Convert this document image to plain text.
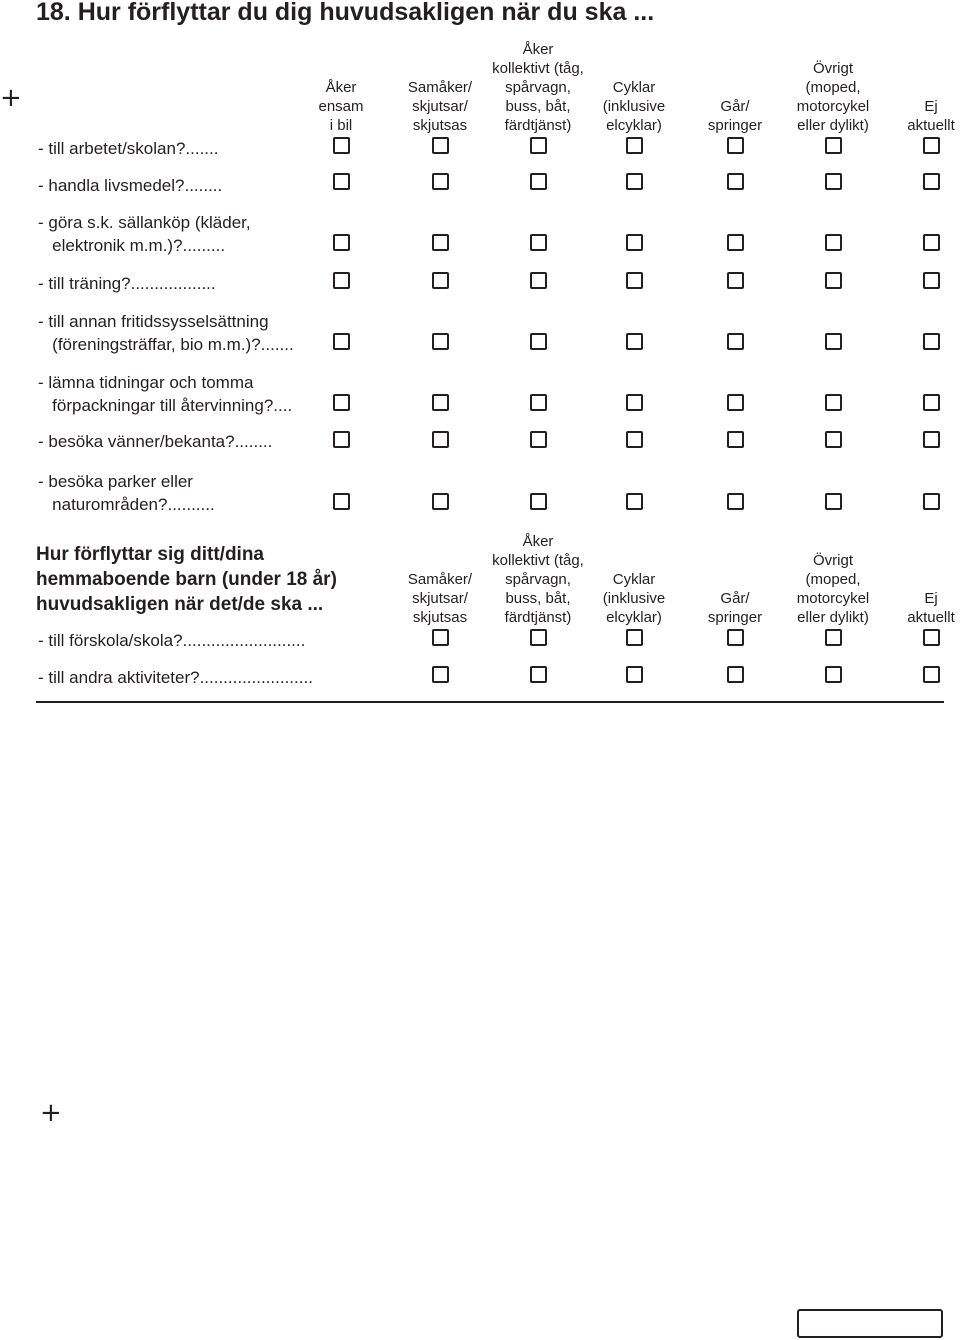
18. Hur förflyttar du dig huvudsakligen när du ska ...
+
+
Åker
ensam
i bil
Samåker/
skjutsar/
skjutsas
Åker
kollektivt (tåg,
spårvagn,
buss, båt,
färdtjänst)
Cyklar
(inklusive
elcyklar)
Går/
springer
Övrigt
(moped,
motorcykel
eller dylikt)
Ej
aktuellt
- till arbetet/skolan?.......
- handla livsmedel?........
- göra s.k. sällanköp (kläder,
elektronik m.m.)?.........
- till träning?..................
- till annan fritidssysselsättning
(föreningsträffar, bio m.m.)?.......
- lämna tidningar och tomma
förpackningar till återvinning?....
- besöka vänner/bekanta?........
- besöka parker eller
naturområden?..........
Hur förflyttar sig ditt/dina
hemmaboende barn (under 18 år)
huvudsakligen när det/de ska ...
Samåker/
skjutsar/
skjutsas
Åker
kollektivt (tåg,
spårvagn,
buss, båt,
färdtjänst)
Cyklar
(inklusive
elcyklar)
Går/
springer
Övrigt
(moped,
motorcykel
eller dylikt)
Ej
aktuellt
- till förskola/skola?..........................
- till andra aktiviteter?........................
